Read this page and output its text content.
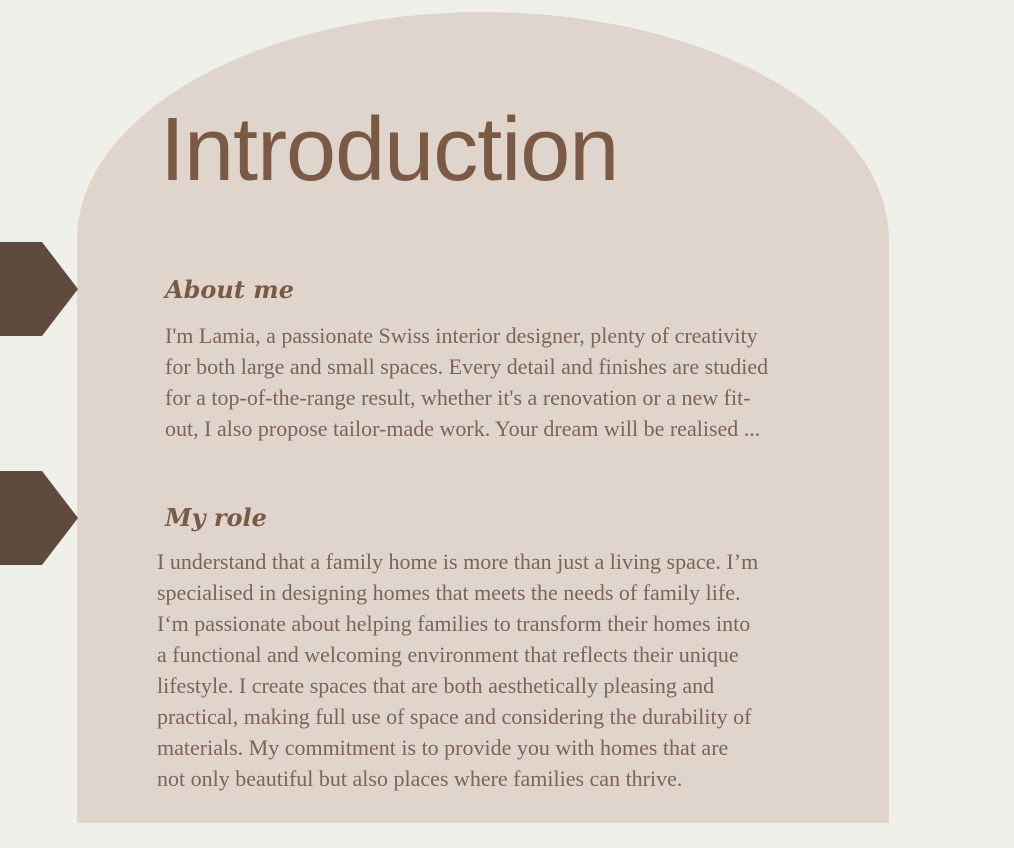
Introduction
About me

I'm Lamia, a passionate Swiss interior designer, plenty of creativity
for both large and small spaces. Every detail and finishes are studied
for a top-of-the-range result, whether it's a renovation or a new fit-
out, I also propose tailor-made work. Your dream will be realised ...

My role

I understand that a family home is more than just a living space. I’m
specialised in designing homes that meets the needs of family life.
I‘m passionate about helping families to transform their homes into
a functional and welcoming environment that reflects their unique
lifestyle. I create spaces that are both aesthetically pleasing and
practical, making full use of space and considering the durability of
materials. My commitment is to provide you with homes that are
not only beautiful but also places where families can thrive.
